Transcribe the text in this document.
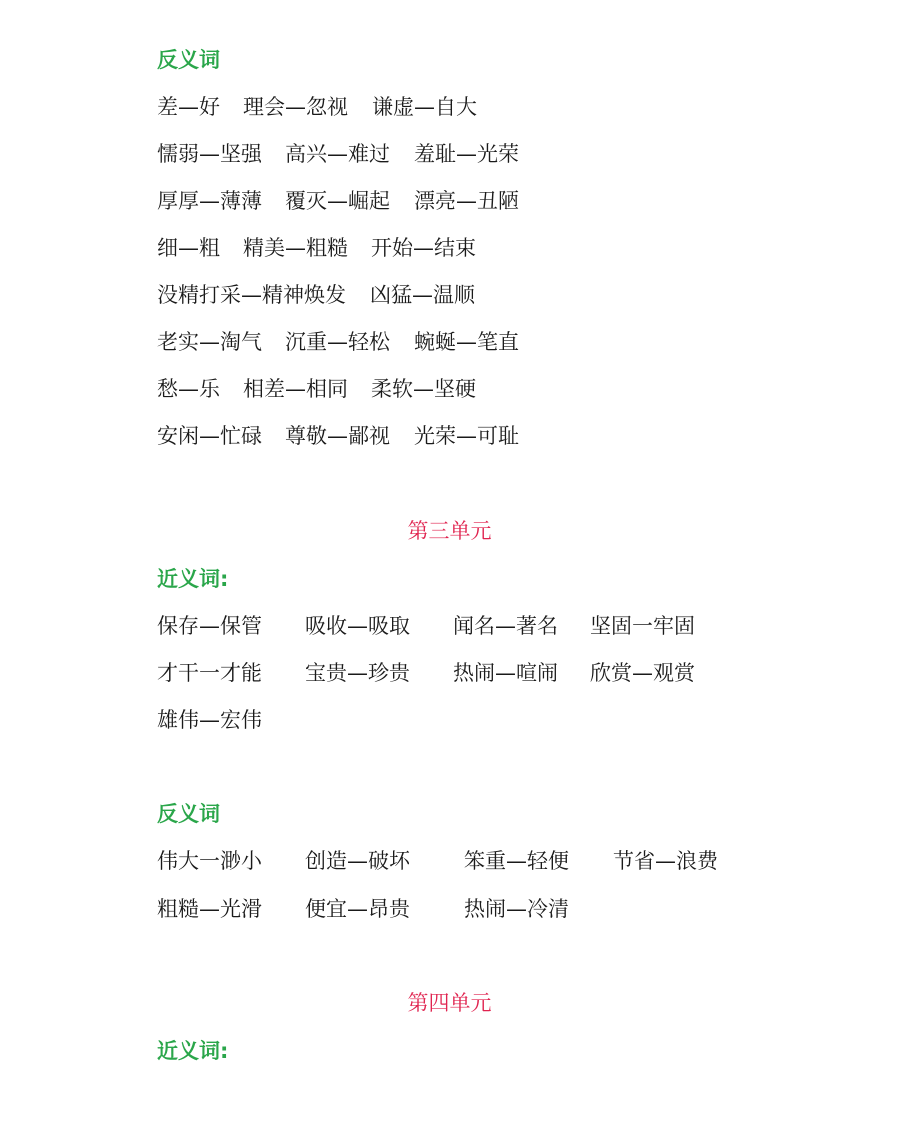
反义词
差—好 理会—忽视 谦虚—自大
懦弱—坚强 高兴—难过 羞耻—光荣
厚厚—薄薄 覆灭—崛起 漂亮—丑陋
细—粗 精美—粗糙 开始—结束
没精打采—精神焕发 凶猛—温顺
老实—淘气 沉重—轻松 蜿蜒—笔直
愁—乐 相差—相同 柔软—坚硬
安闲—忙碌 尊敬—鄙视 光荣—可耻
第三单元
近义词:
保存—保管 吸收—吸取 闻名—著名 坚固一牢固
才干一才能 宝贵—珍贵 热闹—喧闹 欣赏—观赏
雄伟—宏伟
反义词
伟大一渺小 创造—破坏	笨重—轻便 节省—浪费
粗糙—光滑 便宜—昂贵	热闹—冷清
第四单元
近义词:
